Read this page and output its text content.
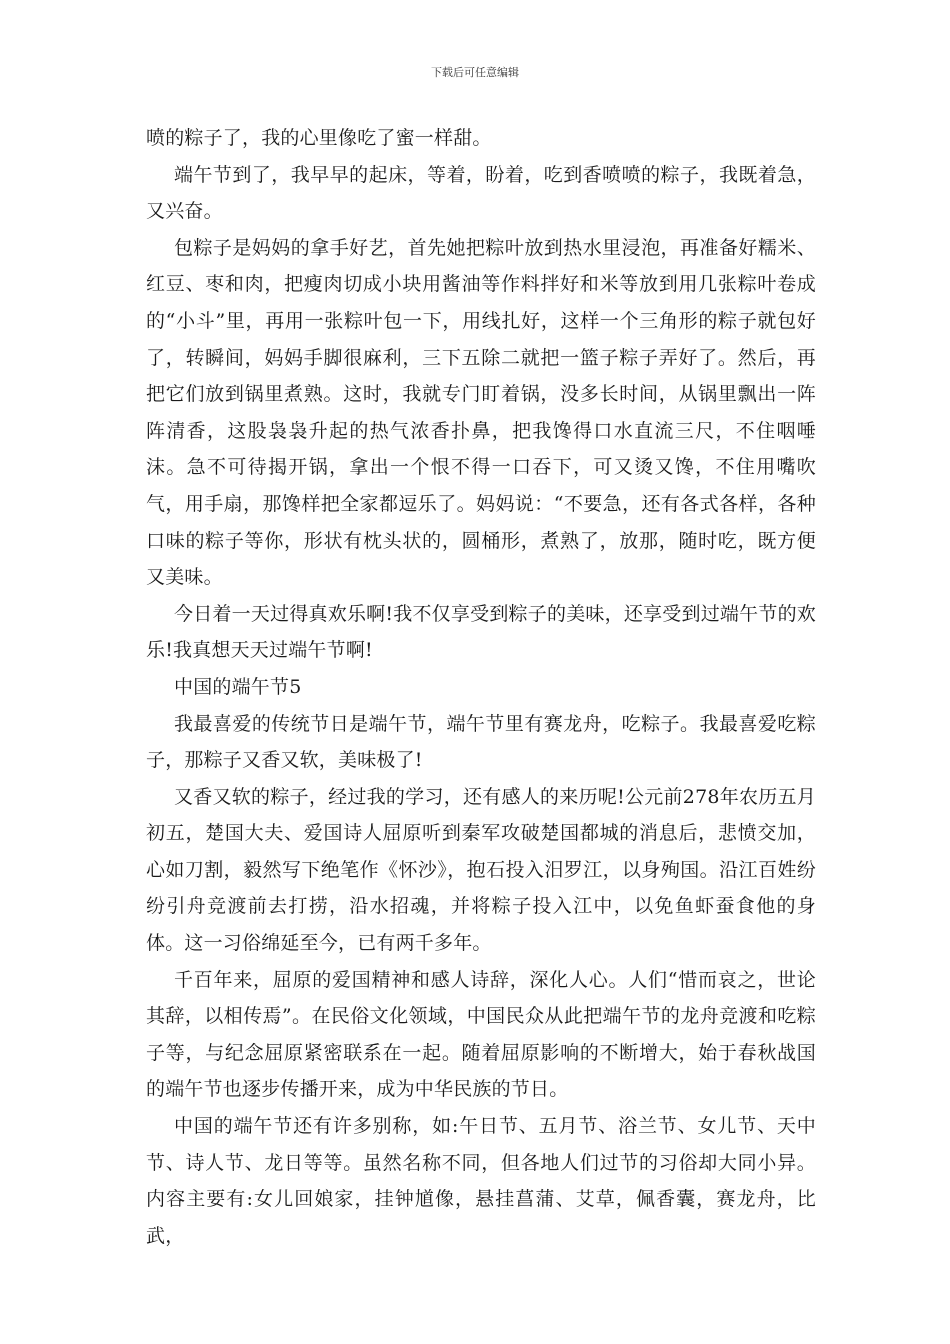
下载后可任意编辑

喷的粽子了，我的心里像吃了蜜一样甜。

端午节到了，我早早的起床，等着，盼着，吃到香喷喷的粽子，我既着急，又兴奋。

包粽子是妈妈的拿手好艺，首先她把粽叶放到热水里浸泡，再准备好糯米、红豆、枣和肉，把瘦肉切成小块用酱油等作料拌好和米等放到用几张粽叶卷成的“小斗”里，再用一张粽叶包一下，用线扎好，这样一个三角形的粽子就包好了，转瞬间，妈妈手脚很麻利，三下五除二就把一篮子粽子弄好了。然后，再把它们放到锅里煮熟。这时，我就专门盯着锅，没多长时间，从锅里飘出一阵阵清香，这股袅袅升起的热气浓香扑鼻，把我馋得口水直流三尺，不住咽唾沫。急不可待揭开锅，拿出一个恨不得一口吞下，可又烫又馋，不住用嘴吹气，用手扇，那馋样把全家都逗乐了。妈妈说：“不要急，还有各式各样，各种口味的粽子等你，形状有枕头状的，圆桶形，煮熟了，放那，随时吃，既方便又美味。

今日着一天过得真欢乐啊!我不仅享受到粽子的美味，还享受到过端午节的欢乐!我真想天天过端午节啊!

中国的端午节5

我最喜爱的传统节日是端午节，端午节里有赛龙舟，吃粽子。我最喜爱吃粽子，那粽子又香又软，美味极了!

又香又软的粽子，经过我的学习，还有感人的来历呢!公元前278年农历五月初五，楚国大夫、爱国诗人屈原听到秦军攻破楚国都城的消息后，悲愤交加，心如刀割，毅然写下绝笔作《怀沙》，抱石投入汨罗江，以身殉国。沿江百姓纷纷引舟竞渡前去打捞，沿水招魂，并将粽子投入江中，以免鱼虾蚕食他的身体。这一习俗绵延至今，已有两千多年。

千百年来，屈原的爱国精神和感人诗辞，深化人心。人们“惜而哀之，世论其辞，以相传焉”。在民俗文化领域，中国民众从此把端午节的龙舟竞渡和吃粽子等，与纪念屈原紧密联系在一起。随着屈原影响的不断增大，始于春秋战国的端午节也逐步传播开来，成为中华民族的节日。

中国的端午节还有许多别称，如:午日节、五月节、浴兰节、女儿节、天中节、诗人节、龙日等等。虽然名称不同，但各地人们过节的习俗却大同小异。内容主要有:女儿回娘家，挂钟馗像，悬挂菖蒲、艾草，佩香囊，赛龙舟，比武，
